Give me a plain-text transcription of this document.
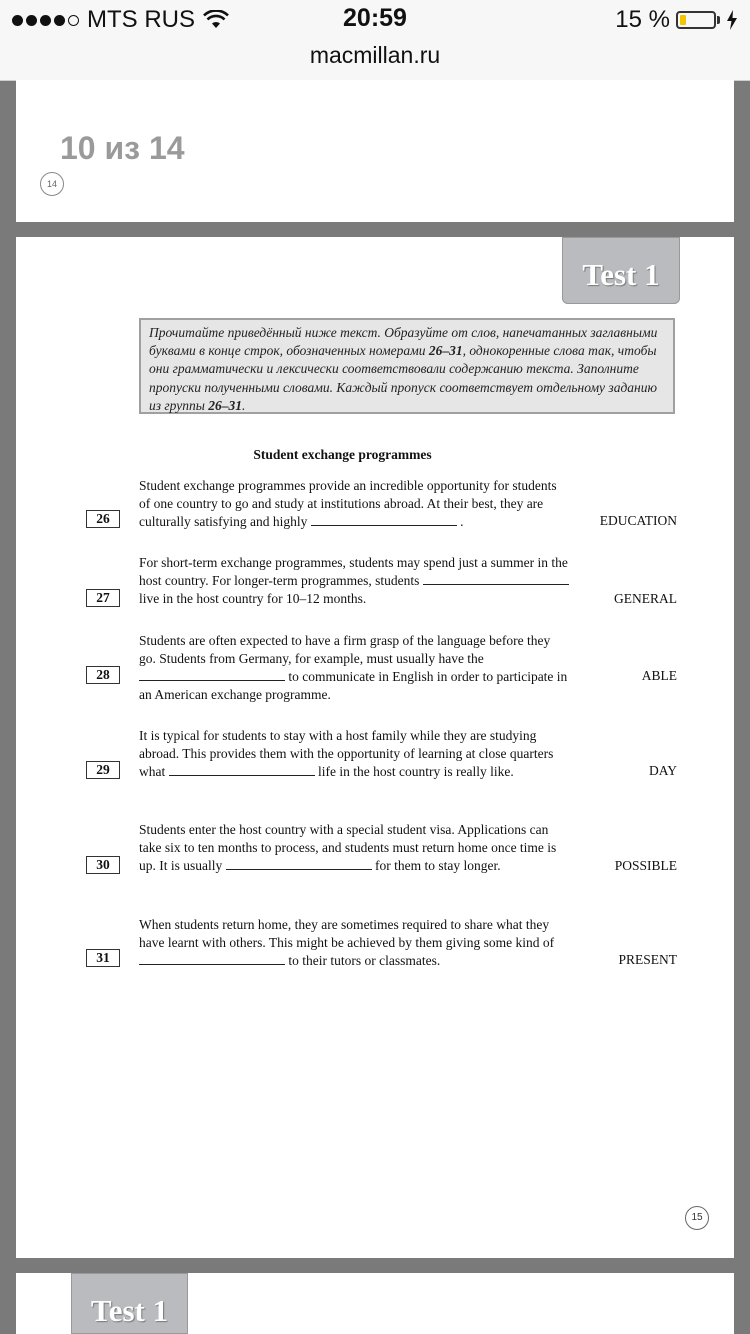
MTS RUS	20:59	15 %
macmillan.ru
10 из 14
14
Test 1
Прочитайте приведённый ниже текст. Образуйте от слов, напечатанных заглавными буквами в конце строк, обозначенных номерами 26–31, однокоренные слова так, чтобы они грамматически и лексически соответствовали содержанию текста. Заполните пропуски полученными словами. Каждый пропуск соответствует отдельному заданию из группы 26–31.
Student exchange programmes
Student exchange programmes provide an incredible opportunity for students of one country to go and study at institutions abroad. At their best, they are culturally satisfying and highly	.
26	EDUCATION
For short-term exchange programmes, students may spend just a summer in the host country. For longer-term programmes, students  live in the host country for 10–12 months.
27	GENERAL
Students are often expected to have a firm grasp of the language before they go. Students from Germany, for example, must usually have the  to communicate in English in order to participate in an American exchange programme.
28	ABLE
It is typical for students to stay with a host family while they are studying abroad. This provides them with the opportunity of learning at close quarters what	life in the host country is really like.
29	DAY
Students enter the host country with a special student visa. Applications can take six to ten months to process, and students must return home once time is up. It is usually	for them to stay longer.
30	POSSIBLE
When students return home, they are sometimes required to share what they have learnt with others. This might be achieved by them giving some kind of  to their tutors or classmates.
31	PRESENT
15
Test 1
